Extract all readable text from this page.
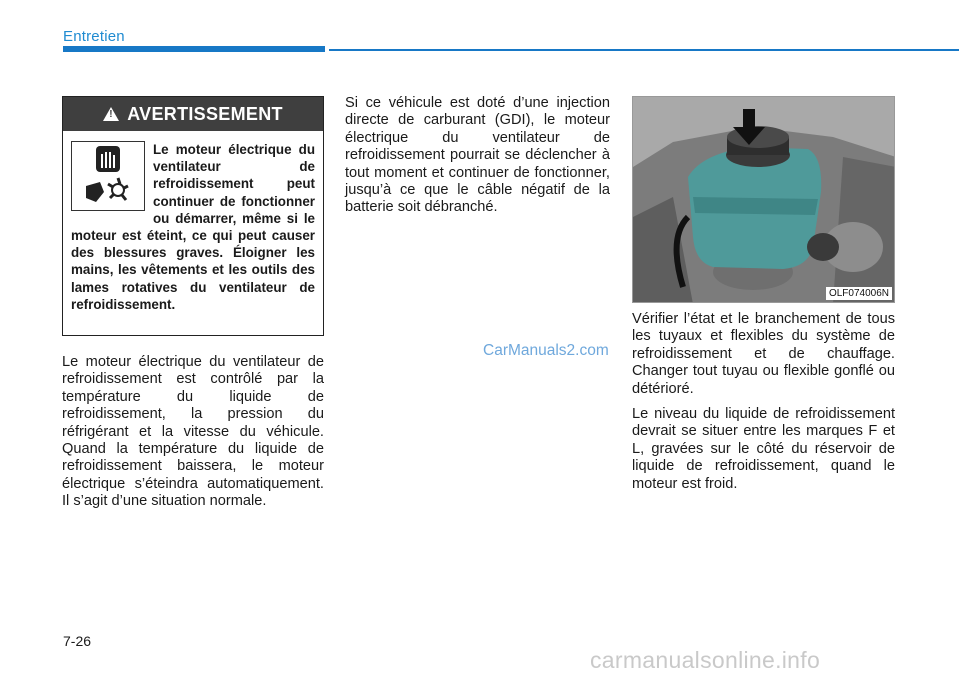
Entretien
! AVERTISSEMENT
Le moteur électrique du ventilateur de refroidissement peut continuer de fonctionner ou démarrer, même si le moteur est éteint, ce qui peut causer des blessures graves. Éloigner les mains, les vêtements et les outils des lames rotatives du ventilateur de refroidissement.

Le moteur électrique du ventilateur de refroidissement est contrôlé par la température du liquide de refroidissement, la pression du réfrigérant et la vitesse du véhicule. Quand la température du liquide de refroidissement baissera, le moteur électrique s’éteindra automatiquement. Il s’agit d’une situation normale.

Si ce véhicule est doté d’une injection directe de carburant (GDI), le moteur électrique du ventilateur de refroidissement pourrait se déclencher à tout moment et continuer de fonctionner, jusqu’à ce que le câble négatif de la batterie soit débranché.

OLF074006N

Vérifier l’état et le branchement de tous les tuyaux et flexibles du système de refroidissement et de chauffage. Changer tout tuyau ou flexible gonflé ou détérioré.

Le niveau du liquide de refroidissement devrait se situer entre les marques F et L, gravées sur le côté du réservoir de liquide de refroidissement, quand le moteur est froid.

CarManuals2.com
7-26
carmanualsonline.info
